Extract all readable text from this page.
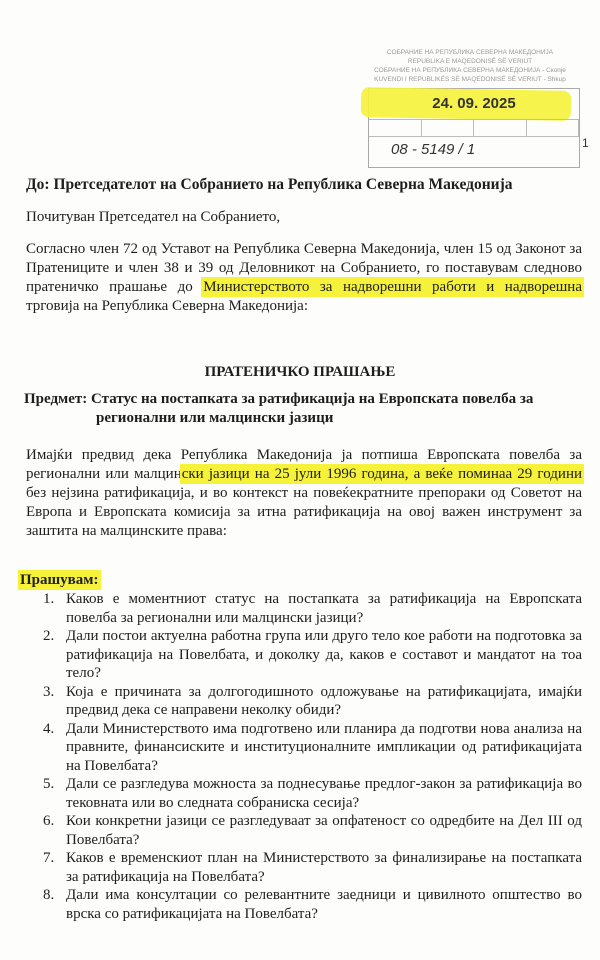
24. 09. 2025
08 - 5149 / 1
СОБРАНИЕ НА РЕПУБЛИКА СЕВЕРНА МАКЕДОНИЈА
REPUBLIKA E MAQEDONISË SË VERIUT
СОБРАНИЕ НА РЕПУБЛИКА СЕВЕРНА МАКЕДОНИЈА - Скопје
KUVENDI I REPUBLIKËS SË MAQEDONISË SË VERIUT - Shkup
1
До: Претседателот на Собранието на Република Северна Македонија
Почитуван Претседател на Собранието,
Согласно член 72 од Уставот на Република Северна Македонија, член 15 од Законот за Пратениците и член 38 и 39 од Деловникот на Собранието, го поставувам следново пратеничко прашање до Министерството за надворешни работи и надворешна трговија на Република Северна Македонија:
ПРАТЕНИЧКО ПРАШАЊЕ
Предмет: Статус на постапката за ратификација на Европската повелба за
регионални или малцински јазици
Имајќи предвид дека Република Македонија ја потпиша Европската повелба за регионални или малцински јазици на 25 јули 1996 година, а веќе поминаа 29 години без нејзина ратификација, и во контекст на повеќекратните препораки од Советот на Европа и Европската комисија за итна ратификација на овој важен инструмент за заштита на малцинските права:
Прашувам:
1. Каков е моментниот статус на постапката за ратификација на Европската повелба за регионални или малцински јазици?
2. Дали постои актуелна работна група или друго тело кое работи на подготовка за ратификација на Повелбата, и доколку да, каков е составот и мандатот на тоа тело?
3. Која е причината за долгогодишното одложување на ратификацијата, имајќи предвид дека се направени неколку обиди?
4. Дали Министерството има подготвено или планира да подготви нова анализа на правните, финансиските и институционалните импликации од ратификацијата на Повелбата?
5. Дали се разгледува можноста за поднесување предлог-закон за ратификација во тековната или во следната собраниска сесија?
6. Кои конкретни јазици се разгледуваат за опфатеност со одредбите на Дел III од Повелбата?
7. Каков е временскиот план на Министерството за финализирање на постапката за ратификација на Повелбата?
8. Дали има консултации со релевантните заедници и цивилното општество во врска со ратификацијата на Повелбата?
